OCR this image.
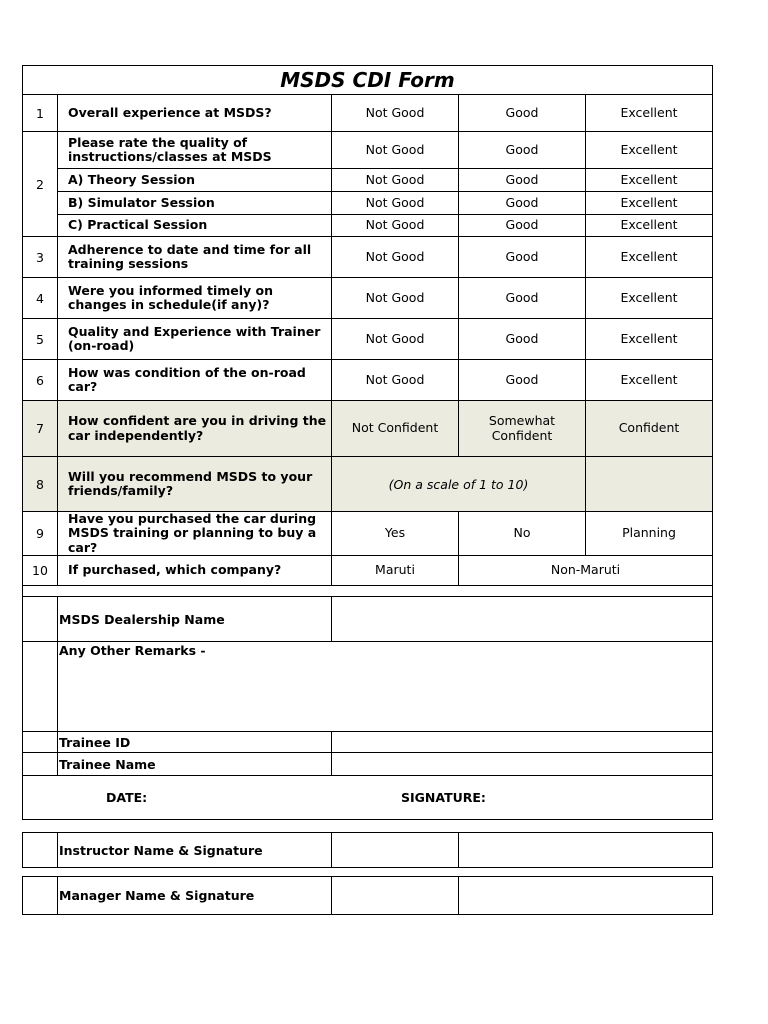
MSDS CDI Form				
1	Overall experience at MSDS?	Not Good	Good	Excellent
2	Please rate the quality of instructions/classes at MSDS	Not Good	Good	Excellent
	A) Theory Session	Not Good	Good	Excellent
	B) Simulator Session	Not Good	Good	Excellent
	C) Practical Session	Not Good	Good	Excellent
3	Adherence to date and time for all training sessions	Not Good	Good	Excellent
4	Were you informed timely on changes in schedule(if any)?	Not Good	Good	Excellent
5	Quality and Experience with Trainer (on-road)	Not Good	Good	Excellent
6	How was condition of the on-road car?	Not Good	Good	Excellent
7	How confident are you in driving the car independently?	Not Confident	Somewhat Confident	Confident
8	Will you recommend MSDS to your friends/family?	(On a scale of 1 to 10)		
9	Have you purchased the car during MSDS training or planning to buy a car?	Yes	No	Planning
10	If purchased, which company?	Maruti	Non-Maruti	

	MSDS Dealership Name			
	Any Other Remarks -			
	Trainee ID			
	Trainee Name			

DATE: SIGNATURE:				
	Instructor Name & Signature		
	Manager Name & Signature		
